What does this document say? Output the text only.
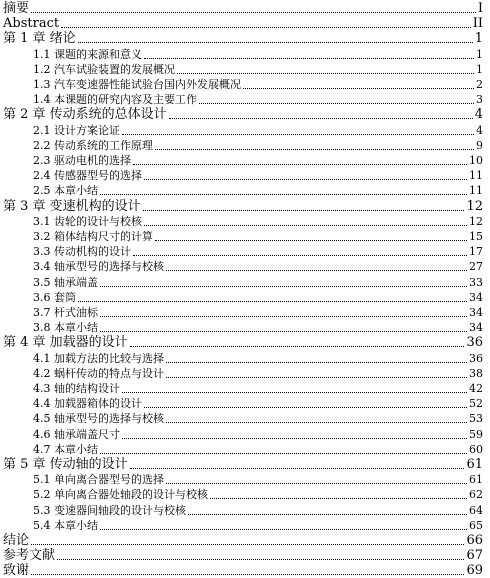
摘要	I
Abstract	II
第 1 章 绪论	1
1.1 课题的来源和意义	1
1.2 汽车试验装置的发展概况	1
1.3 汽车变速器性能试验台国内外发展概况	2
1.4 本课题的研究内容及主要工作	3
第 2 章 传动系统的总体设计	4
2.1 设计方案论证	4
2.2 传动系统的工作原理	9
2.3 驱动电机的选择	10
2.4 传感器型号的选择	11
2.5 本章小结	11
第 3 章 变速机构的设计	12
3.1 齿轮的设计与校核	12
3.2 箱体结构尺寸的计算	15
3.3 传动机构的设计	17
3.4 轴承型号的选择与校核	27
3.5 轴承端盖	33
3.6 套筒	34
3.7 杆式油标	34
3.8 本章小结	34
第 4 章 加载器的设计	36
4.1 加载方法的比较与选择	36
4.2 蜗杆传动的特点与设计	38
4.3 轴的结构设计	42
4.4 加载器箱体的设计	52
4.5 轴承型号的选择与校核	53
4.6 轴承端盖尺寸	59
4.7 本章小结	60
第 5 章 传动轴的设计	61
5.1 单向离合器型号的选择	61
5.2 单向离合器处轴段的设计与校核	62
5.3 变速器间轴段的设计与校核	64
5.4 本章小结	65
结论	66
参考文献	67
致谢	69
